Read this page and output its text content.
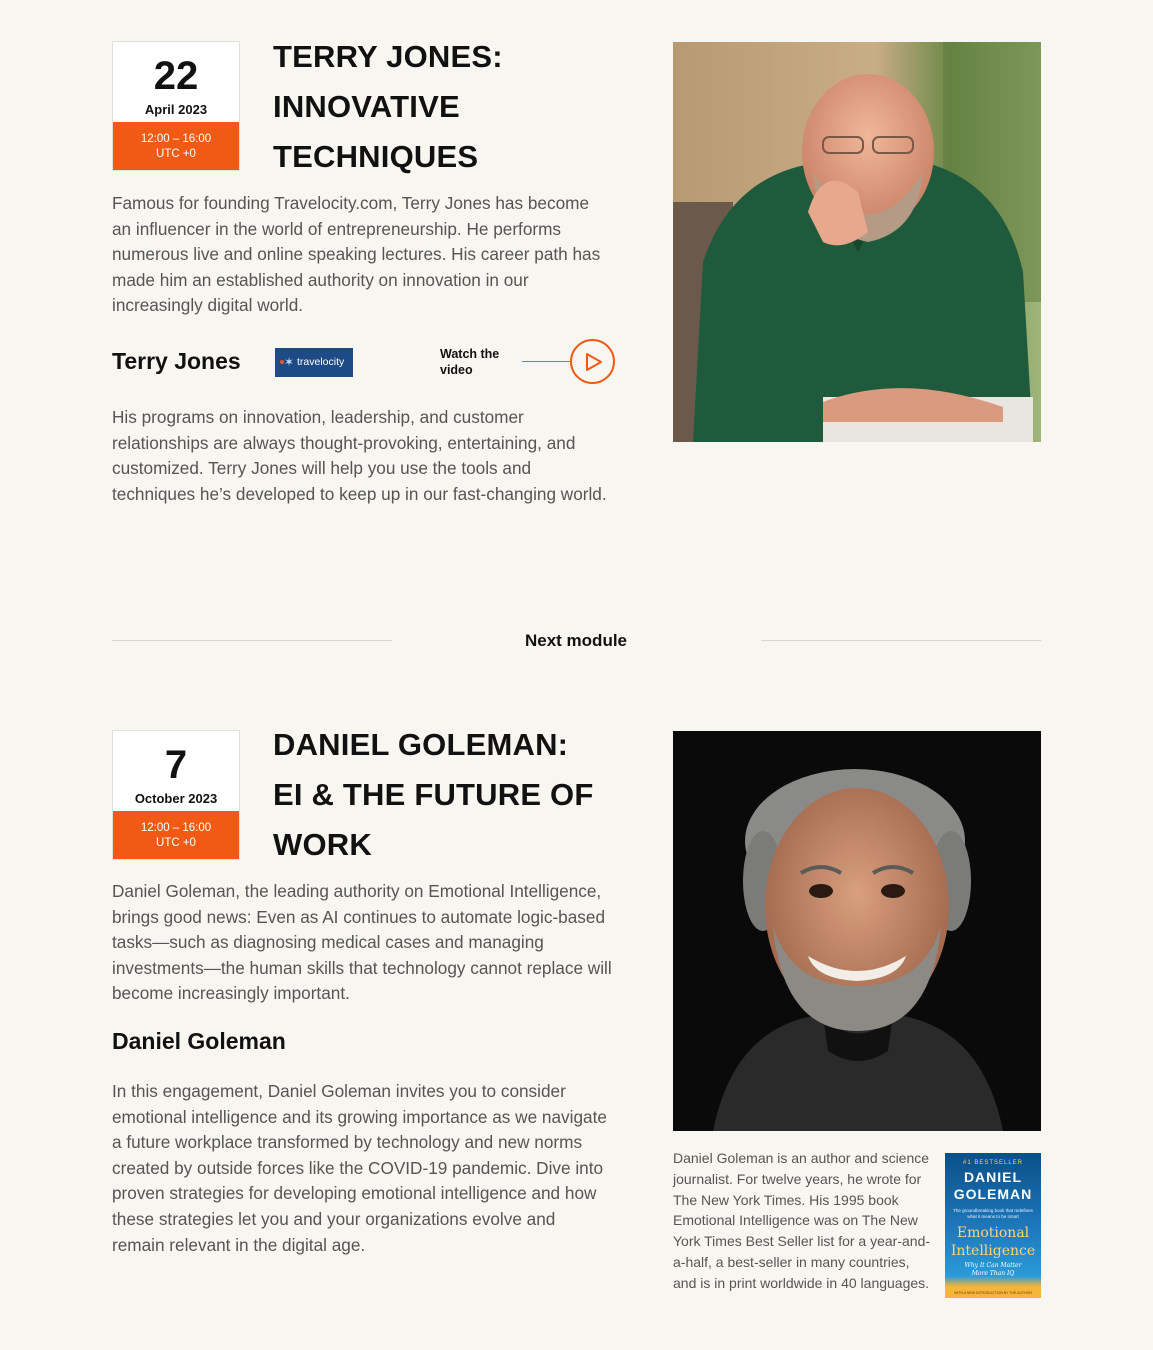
22
April 2023
12:00 – 16:00
UTC +0
TERRY JONES:
INNOVATIVE
TECHNIQUES
Famous for founding Travelocity.com, Terry Jones has become an influencer in the world of entrepreneurship. He performs numerous live and online speaking lectures. His career path has made him an established authority on innovation in our increasingly digital world.
Terry Jones	✶ travelocity
Watch the
video
His programs on innovation, leadership, and customer relationships are always thought-provoking, entertaining, and customized. Terry Jones will help you use the tools and techniques he’s developed to keep up in our fast-changing world.
Next module
7
October 2023
12:00 – 16:00
UTC +0
DANIEL GOLEMAN:
EI & THE FUTURE OF
WORK
Daniel Goleman, the leading authority on Emotional Intelligence, brings good news: Even as AI continues to automate logic-based tasks—such as diagnosing medical cases and managing investments—the human skills that technology cannot replace will become increasingly important.
Daniel Goleman
In this engagement, Daniel Goleman invites you to consider emotional intelligence and its growing importance as we navigate a future workplace transformed by technology and new norms created by outside forces like the COVID-19 pandemic. Dive into proven strategies for developing emotional intelligence and how these strategies let you and your organizations evolve and remain relevant in the digital age.
Daniel Goleman is an author and science journalist. For twelve years, he wrote for The New York Times. His 1995 book Emotional Intelligence was on The New York Times Best Seller list for a year-and-a-half, a best-seller in many countries, and is in print worldwide in 40 languages.
#1 BESTSELLER
DANIEL
GOLEMAN
The groundbreaking book that redefines what it means to be smart
Emotional
Intelligence
Why It Can Matter
More Than IQ
WITH A NEW INTRODUCTION BY THE AUTHOR
